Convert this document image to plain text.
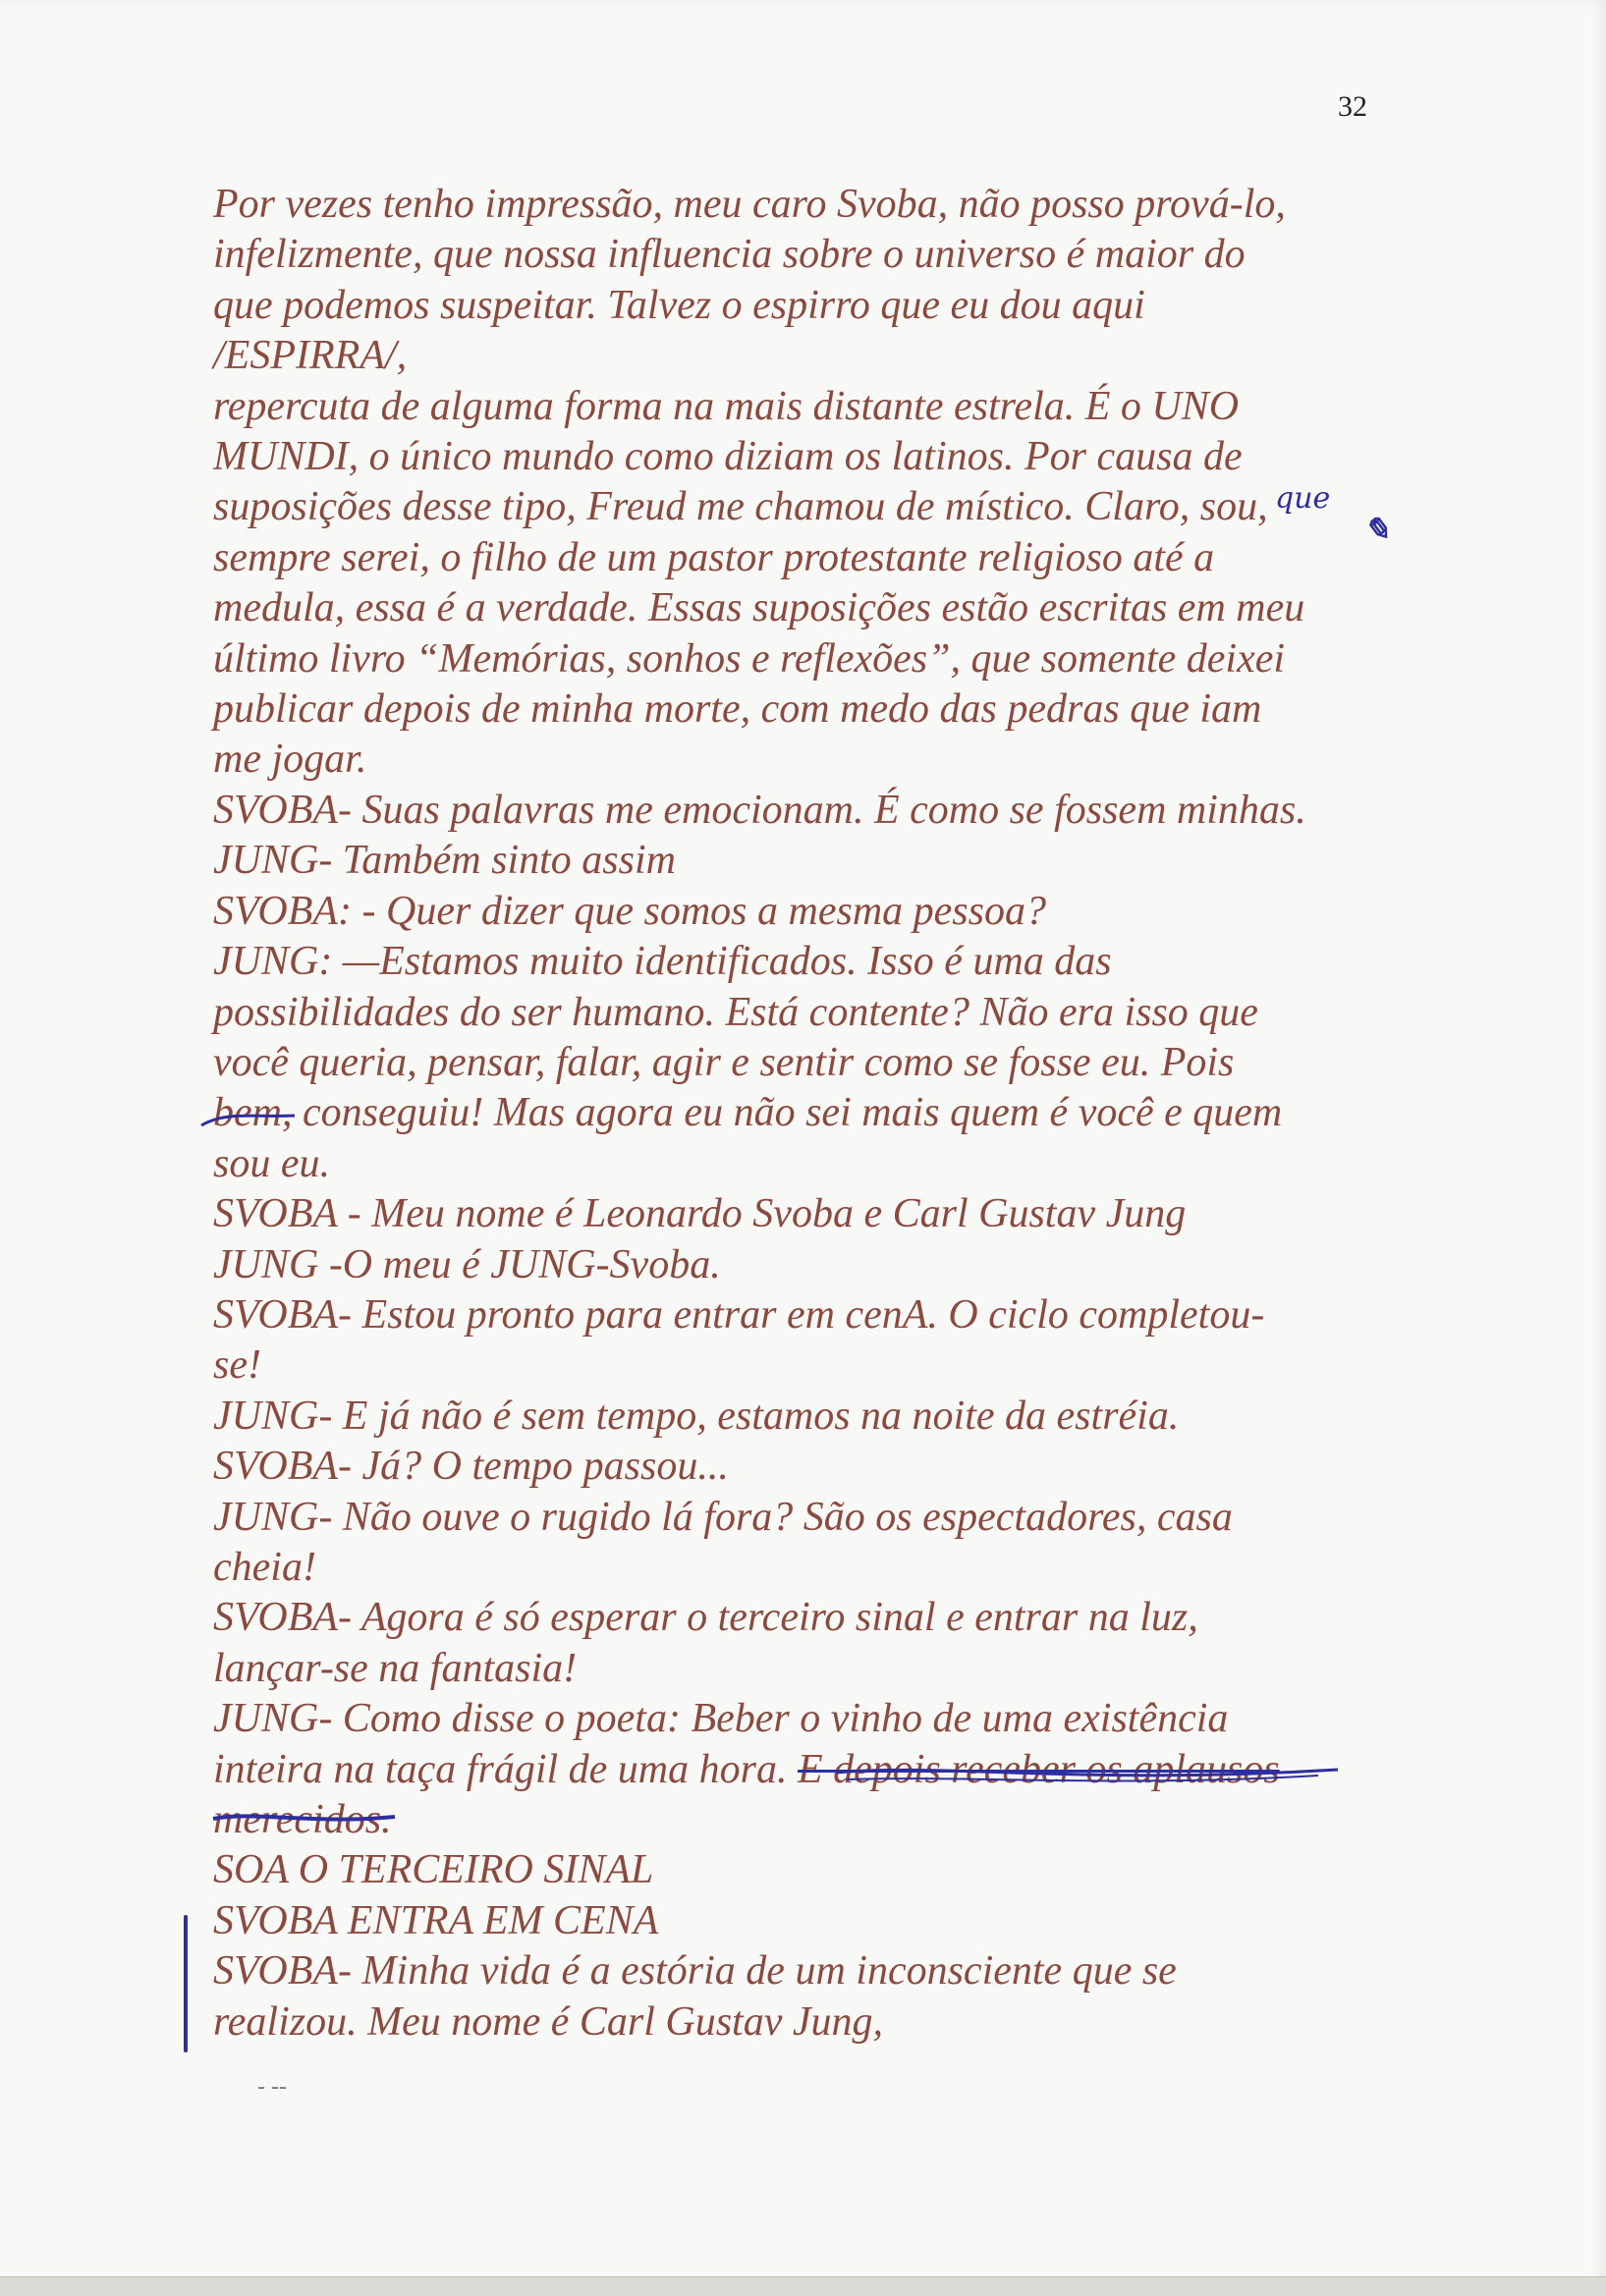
32
Por vezes tenho impressão, meu caro Svoba, não posso prová-lo,
infelizmente, que nossa influencia sobre o universo é maior do
que podemos suspeitar. Talvez o espirro que eu dou aqui
/ESPIRRA/,
repercuta de alguma forma na mais distante estrela. É o UNO
MUNDI, o único mundo como diziam os latinos. Por causa de
suposições desse tipo, Freud me chamou de místico. Claro, sou,
sempre serei, o filho de um pastor protestante religioso até a
medula, essa é a verdade. Essas suposições estão escritas em meu
último livro “Memórias, sonhos e reflexões”, que somente deixei
publicar depois de minha morte, com medo das pedras que iam
me jogar.
SVOBA- Suas palavras me emocionam. É como se fossem minhas.
JUNG- Também sinto assim
SVOBA: - Quer dizer que somos a mesma pessoa?
JUNG: —Estamos muito identificados. Isso é uma das
possibilidades do ser humano. Está contente? Não era isso que
você queria, pensar, falar, agir e sentir como se fosse eu. Pois
bem, conseguiu! Mas agora eu não sei mais quem é você e quem
sou eu.
SVOBA - Meu nome é Leonardo Svoba e Carl Gustav Jung
JUNG -O meu é JUNG-Svoba.
SVOBA- Estou pronto para entrar em cenA. O ciclo completou-
se!
JUNG- E já não é sem tempo, estamos na noite da estréia.
SVOBA- Já? O tempo passou...
JUNG- Não ouve o rugido lá fora? São os espectadores, casa
cheia!
SVOBA- Agora é só esperar o terceiro sinal e entrar na luz,
lançar-se na fantasia!
JUNG- Como disse o poeta: Beber o vinho de uma existência
inteira na taça frágil de uma hora. E depois receber os aplausos
merecidos.
SOA O TERCEIRO SINAL
SVOBA ENTRA EM CENA
SVOBA- Minha vida é a estória de um inconsciente que se
realizou. Meu nome é Carl Gustav Jung,
que
✎
- --
